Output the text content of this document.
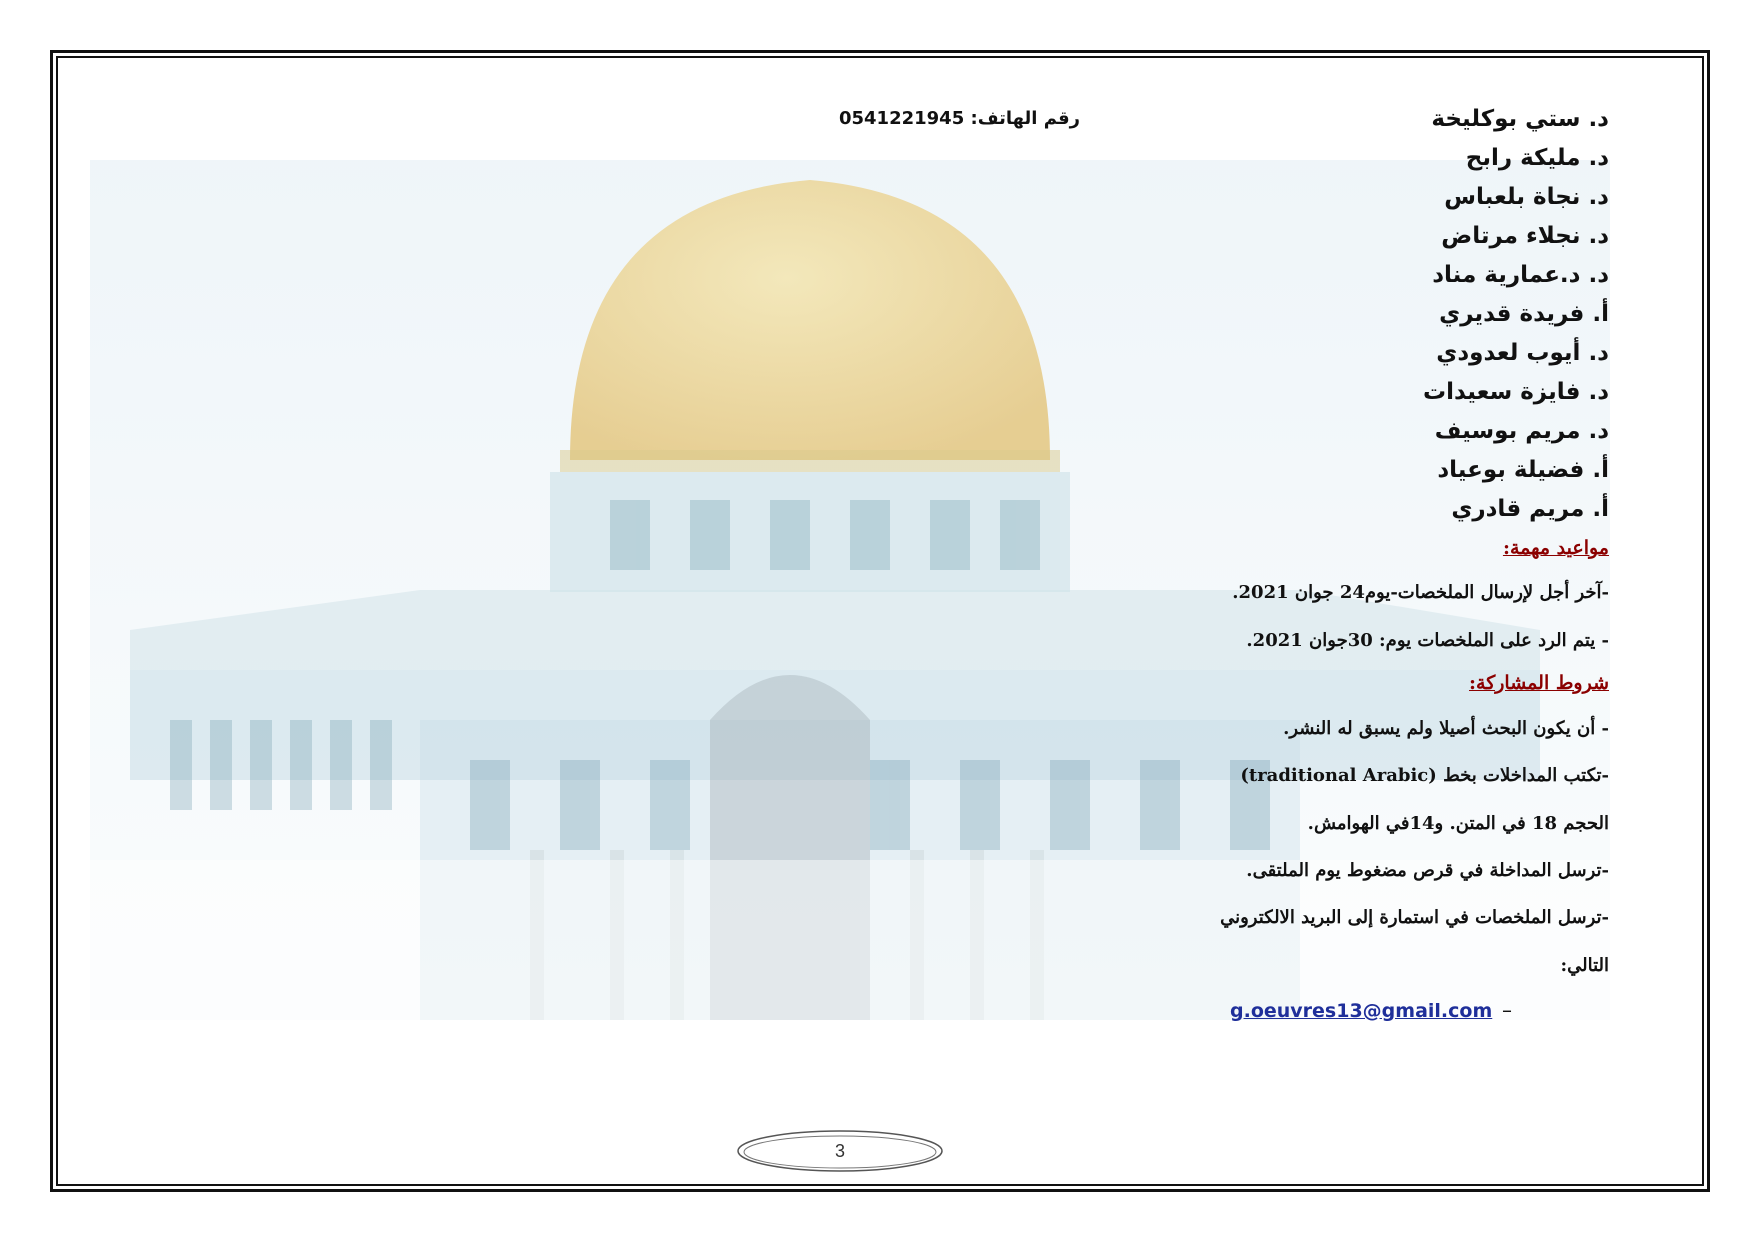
رقم الهاتف: 0541221945	د. ستي بوكليخة
د. مليكة رابح
د. نجاة بلعباس
د. نجلاء مرتاض
د. د.عمارية مناد
أ. فريدة قديري
د. أيوب لعدودي
د. فايزة سعيدات
د. مريم بوسيف
أ. فضيلة بوعياد
أ. مريم قادري
مواعيد مهمة:
-آخر أجل لإرسال الملخصات-يوم24 جوان 2021.
- يتم الرد على الملخصات يوم: 30جوان 2021.
شروط المشاركة:
- أن يكون البحث أصيلا ولم يسبق له النشر.
-تكتب المداخلات بخط (traditional Arabic)
الحجم 18 في المتن. و14في الهوامش.
-ترسل المداخلة في قرص مضغوط يوم الملتقى.
-ترسل الملخصات في استمارة إلى البريد الالكتروني
التالي:
g.oeuvres13@gmail.com –
3
